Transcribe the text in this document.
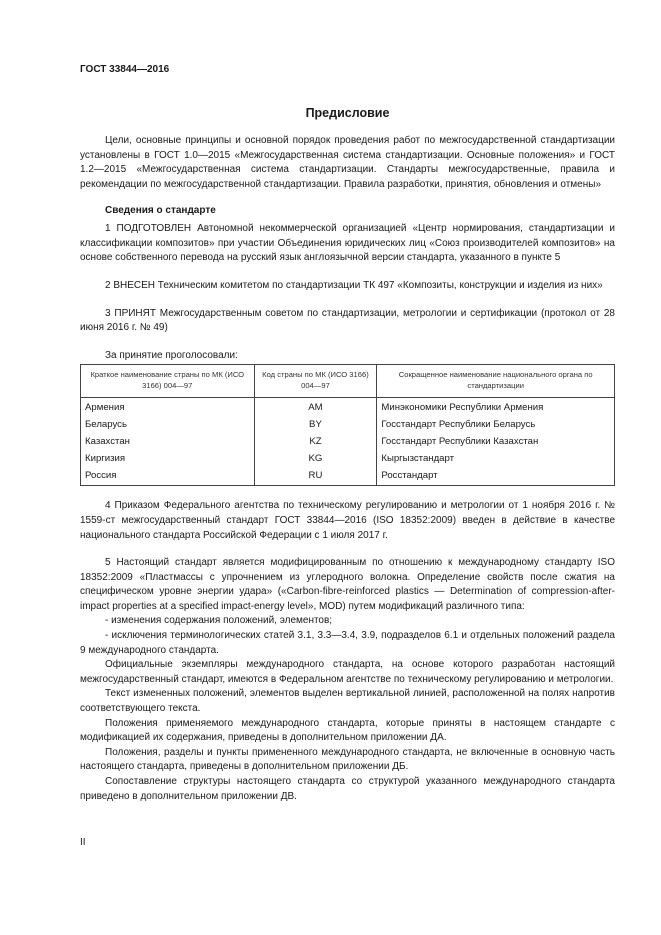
ГОСТ 33844—2016

Предисловие

Цели, основные принципы и основной порядок проведения работ по межгосударственной стандартизации установлены в ГОСТ 1.0—2015 «Межгосударственная система стандартизации. Основные положения» и ГОСТ 1.2—2015 «Межгосударственная система стандартизации. Стандарты межгосударственные, правила и рекомендации по межгосударственной стандартизации. Правила разработки, принятия, обновления и отмены»

Сведения о стандарте

1 ПОДГОТОВЛЕН Автономной некоммерческой организацией «Центр нормирования, стандартизации и классификации композитов» при участии Объединения юридических лиц «Союз производителей композитов» на основе собственного перевода на русский язык англоязычной версии стандарта, указанного в пункте 5

2 ВНЕСЕН Техническим комитетом по стандартизации ТК 497 «Композиты, конструкции и изделия из них»

3 ПРИНЯТ Межгосударственным советом по стандартизации, метрологии и сертификации (протокол от 28 июня 2016 г. № 49)

За принятие проголосовали:

Краткое наименование страны по МК (ИСО 3166) 004—97	Код страны по МК (ИСО 3166) 004—97	Сокращенное наименование национального органа по стандартизации
Армения	AM	Минэкономики Республики Армения
Беларусь	BY	Госстандарт Республики Беларусь
Казахстан	KZ	Госстандарт Республики Казахстан
Киргизия	KG	Кыргызстандарт
Россия	RU	Росстандарт

4 Приказом Федерального агентства по техническому регулированию и метрологии от 1 ноября 2016 г. № 1559-ст межгосударственный стандарт ГОСТ 33844—2016 (ISO 18352:2009) введен в действие в качестве национального стандарта Российской Федерации с 1 июля 2017 г.

5 Настоящий стандарт является модифицированным по отношению к международному стандарту ISO 18352:2009 «Пластмассы с упрочнением из углеродного волокна. Определение свойств после сжатия на специфическом уровне энергии удара» («Carbon-fibre-reinforced plastics — Determination of compression-after-impact properties at a specified impact-energy level», MOD) путем модификаций различного типа:

- изменения содержания положений, элементов;

- исключения терминологических статей 3.1, 3.3—3.4, 3.9, подразделов 6.1 и отдельных положений раздела 9 международного стандарта.

Официальные экземпляры международного стандарта, на основе которого разработан настоящий межгосударственный стандарт, имеются в Федеральном агентстве по техническому регулированию и метрологии.

Текст измененных положений, элементов выделен вертикальной линией, расположенной на полях напротив соответствующего текста.

Положения применяемого международного стандарта, которые приняты в настоящем стандарте с модификацией их содержания, приведены в дополнительном приложении ДА.

Положения, разделы и пункты примененного международного стандарта, не включенные в основную часть настоящего стандарта, приведены в дополнительном приложении ДБ.

Сопоставление структуры настоящего стандарта со структурой указанного международного стандарта приведено в дополнительном приложении ДВ.

II
